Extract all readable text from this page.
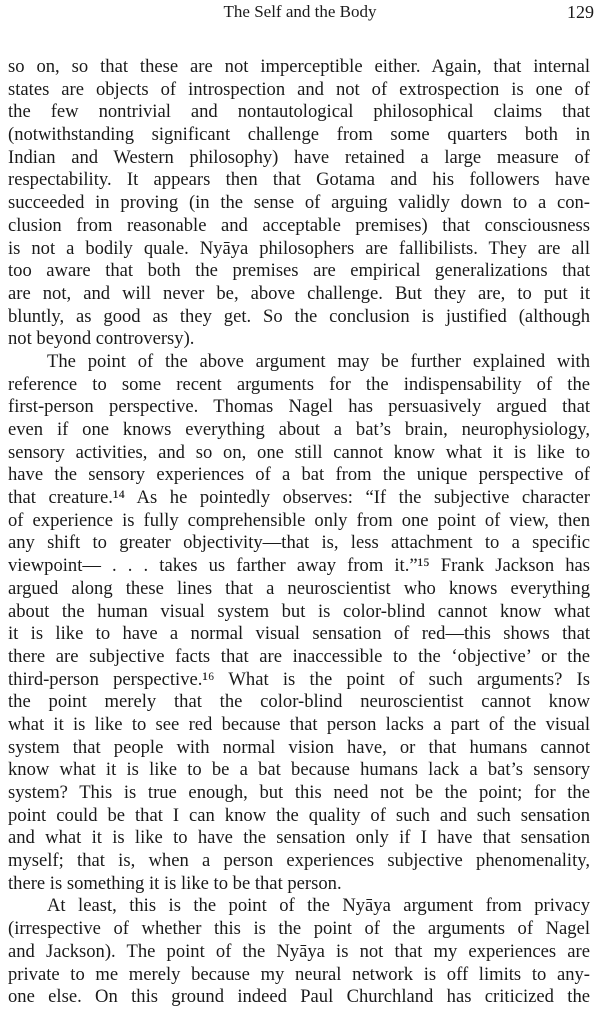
The Self and the Body	129
so on, so that these are not imperceptible either. Again, that internal
states are objects of introspection and not of extrospection is one of
the few nontrivial and nontautological philosophical claims that
(notwithstanding significant challenge from some quarters both in
Indian and Western philosophy) have retained a large measure of
respectability. It appears then that Gotama and his followers have
succeeded in proving (in the sense of arguing validly down to a con-
clusion from reasonable and acceptable premises) that consciousness
is not a bodily quale. Nyāya philosophers are fallibilists. They are all
too aware that both the premises are empirical generalizations that
are not, and will never be, above challenge. But they are, to put it
bluntly, as good as they get. So the conclusion is justified (although
not beyond controversy).
The point of the above argument may be further explained with
reference to some recent arguments for the indispensability of the
first-person perspective. Thomas Nagel has persuasively argued that
even if one knows everything about a bat’s brain, neurophysiology,
sensory activities, and so on, one still cannot know what it is like to
have the sensory experiences of a bat from the unique perspective of
that creature.¹⁴ As he pointedly observes: “If the subjective character
of experience is fully comprehensible only from one point of view, then
any shift to greater objectivity—that is, less attachment to a specific
viewpoint— . . . takes us farther away from it.”¹⁵ Frank Jackson has
argued along these lines that a neuroscientist who knows everything
about the human visual system but is color-blind cannot know what
it is like to have a normal visual sensation of red—this shows that
there are subjective facts that are inaccessible to the ‘objective’ or the
third-person perspective.¹⁶ What is the point of such arguments? Is
the point merely that the color-blind neuroscientist cannot know
what it is like to see red because that person lacks a part of the visual
system that people with normal vision have, or that humans cannot
know what it is like to be a bat because humans lack a bat’s sensory
system? This is true enough, but this need not be the point; for the
point could be that I can know the quality of such and such sensation
and what it is like to have the sensation only if I have that sensation
myself; that is, when a person experiences subjective phenomenality,
there is something it is like to be that person.
At least, this is the point of the Nyāya argument from privacy
(irrespective of whether this is the point of the arguments of Nagel
and Jackson). The point of the Nyāya is not that my experiences are
private to me merely because my neural network is off limits to any-
one else. On this ground indeed Paul Churchland has criticized the
